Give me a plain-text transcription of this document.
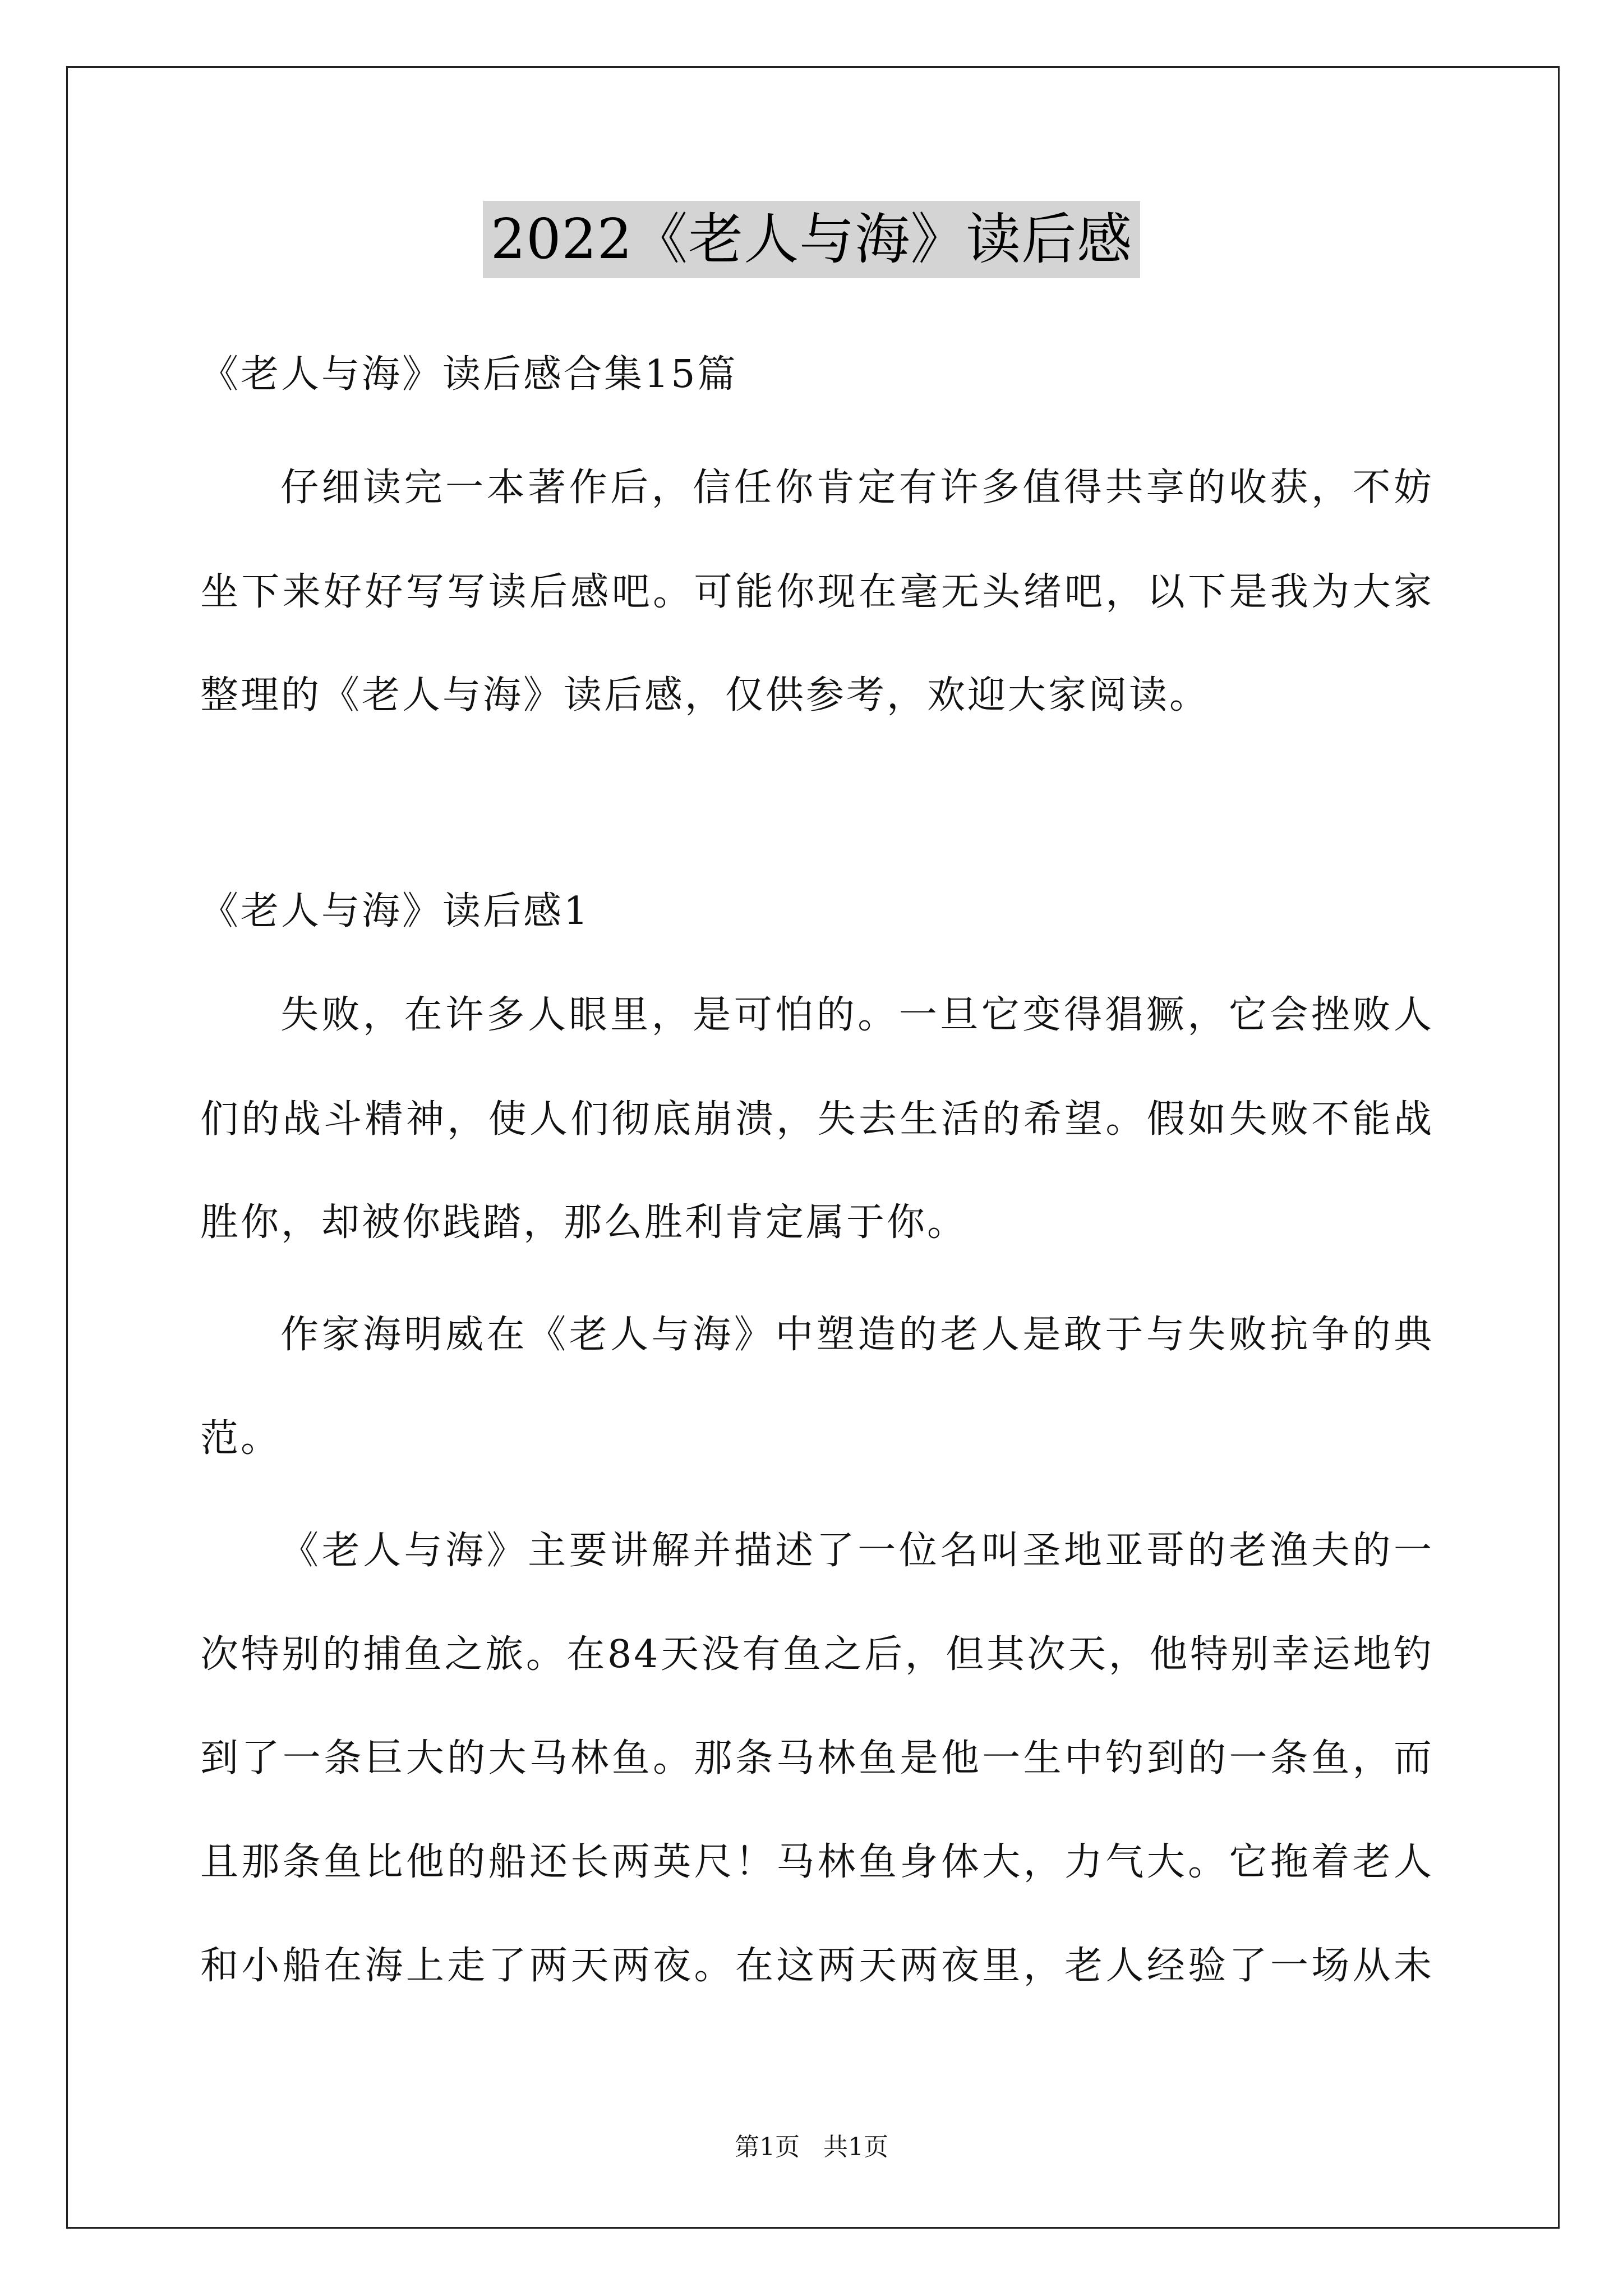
2022《老人与海》读后感
《老人与海》读后感合集15篇
仔细读完一本著作后，信任你肯定有许多值得共享的收获，不妨
坐下来好好写写读后感吧。可能你现在毫无头绪吧，以下是我为大家
整理的《老人与海》读后感，仅供参考，欢迎大家阅读。
《老人与海》读后感1
失败，在许多人眼里，是可怕的。一旦它变得猖獗，它会挫败人
们的战斗精神，使人们彻底崩溃，失去生活的希望。假如失败不能战
胜你，却被你践踏，那么胜利肯定属于你。
作家海明威在《老人与海》中塑造的老人是敢于与失败抗争的典
范。
《老人与海》主要讲解并描述了一位名叫圣地亚哥的老渔夫的一
次特别的捕鱼之旅。在84天没有鱼之后，但其次天，他特别幸运地钓
到了一条巨大的大马林鱼。那条马林鱼是他一生中钓到的一条鱼，而
且那条鱼比他的船还长两英尺！马林鱼身体大，力气大。它拖着老人
和小船在海上走了两天两夜。在这两天两夜里，老人经验了一场从未
第1页 共1页
